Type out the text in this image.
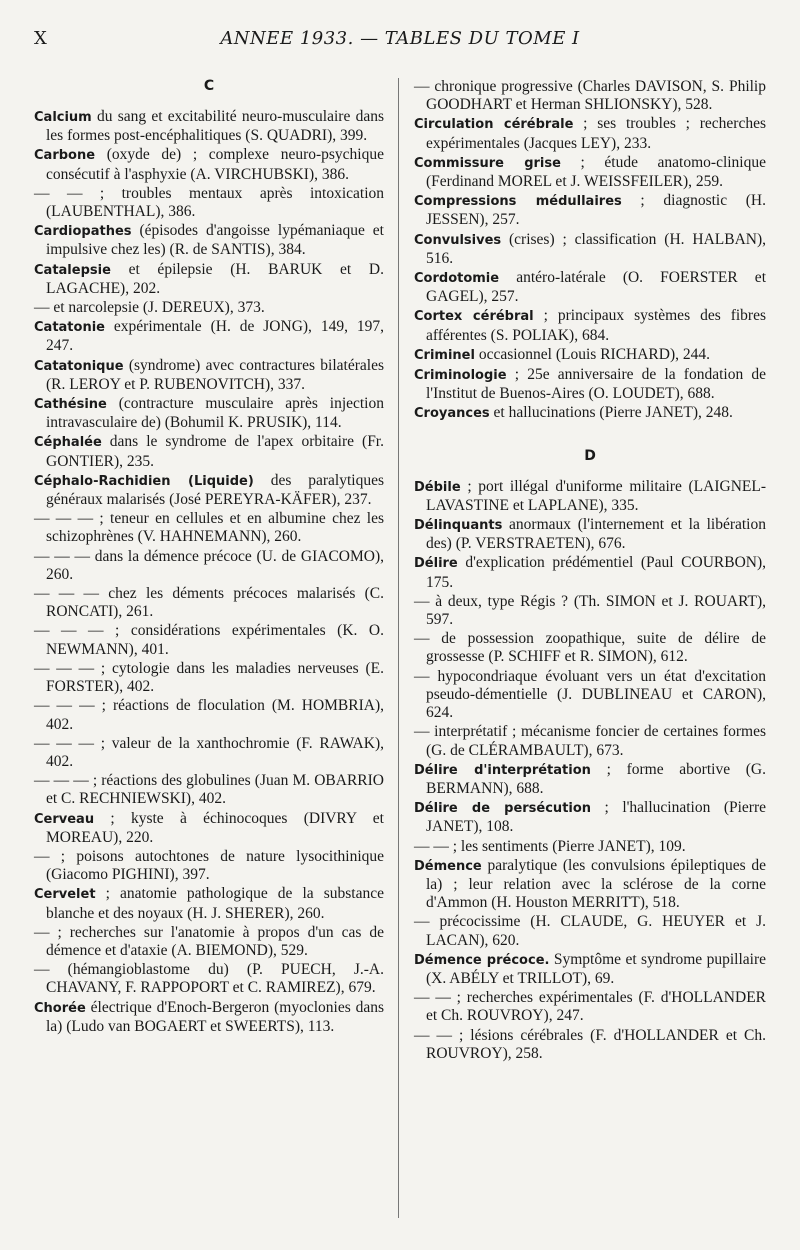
X	ANNEE 1933. — TABLES DU TOME I
C

Calcium du sang et excitabilité neuro-musculaire dans les formes post-encéphalitiques (S. QUADRI), 399.

Carbone (oxyde de) ; complexe neuro-psychique consécutif à l'asphyxie (A. VIRCHUBSKI), 386.

— — ; troubles mentaux après intoxication (LAUBENTHAL), 386.

Cardiopathes (épisodes d'angoisse lypémaniaque et impulsive chez les) (R. de SANTIS), 384.

Catalepsie et épilepsie (H. BARUK et D. LAGACHE), 202.

— et narcolepsie (J. DEREUX), 373.

Catatonie expérimentale (H. de JONG), 149, 197, 247.

Catatonique (syndrome) avec contractures bilatérales (R. LEROY et P. RUBENOVITCH), 337.

Cathésine (contracture musculaire après injection intravasculaire de) (Bohumil K. PRUSIK), 114.

Céphalée dans le syndrome de l'apex orbitaire (Fr. GONTIER), 235.

Céphalo-Rachidien (Liquide) des paralytiques généraux malarisés (José PEREYRA-KÄFER), 237.

— — — ; teneur en cellules et en albumine chez les schizophrènes (V. HAHNEMANN), 260.

— — — dans la démence précoce (U. de GIACOMO), 260.

— — — chez les déments précoces malarisés (C. RONCATI), 261.

— — — ; considérations expérimentales (K. O. NEWMANN), 401.

— — — ; cytologie dans les maladies nerveuses (E. FORSTER), 402.

— — — ; réactions de floculation (M. HOMBRIA), 402.

— — — ; valeur de la xanthochromie (F. RAWAK), 402.

— — — ; réactions des globulines (Juan M. OBARRIO et C. RECHNIEWSKI), 402.

Cerveau ; kyste à échinocoques (DIVRY et MOREAU), 220.

— ; poisons autochtones de nature lysocithinique (Giacomo PIGHINI), 397.

Cervelet ; anatomie pathologique de la substance blanche et des noyaux (H. J. SHERER), 260.

— ; recherches sur l'anatomie à propos d'un cas de démence et d'ataxie (A. BIEMOND), 529.

— (hémangioblastome du) (P. PUECH, J.-A. CHAVANY, F. RAPPOPORT et C. RAMIREZ), 679.

Chorée électrique d'Enoch-Bergeron (myoclonies dans la) (Ludo van BOGAERT et SWEERTS), 113.

— chronique progressive (Charles DAVISON, S. Philip GOODHART et Herman SHLIONSKY), 528.

Circulation cérébrale ; ses troubles ; recherches expérimentales (Jacques LEY), 233.

Commissure grise ; étude anatomo-clinique (Ferdinand MOREL et J. WEISSFEILER), 259.

Compressions médullaires ; diagnostic (H. JESSEN), 257.

Convulsives (crises) ; classification (H. HALBAN), 516.

Cordotomie antéro-latérale (O. FOERSTER et GAGEL), 257.

Cortex cérébral ; principaux systèmes des fibres afférentes (S. POLIAK), 684.

Criminel occasionnel (Louis RICHARD), 244.

Criminologie ; 25e anniversaire de la fondation de l'Institut de Buenos-Aires (O. LOUDET), 688.

Croyances et hallucinations (Pierre JANET), 248.

D

Débile ; port illégal d'uniforme militaire (LAIGNEL-LAVASTINE et LAPLANE), 335.

Délinquants anormaux (l'internement et la libération des) (P. VERSTRAETEN), 676.

Délire d'explication prédémentiel (Paul COURBON), 175.

— à deux, type Régis ? (Th. SIMON et J. ROUART), 597.

— de possession zoopathique, suite de délire de grossesse (P. SCHIFF et R. SIMON), 612.

— hypocondriaque évoluant vers un état d'excitation pseudo-démentielle (J. DUBLINEAU et CARON), 624.

— interprétatif ; mécanisme foncier de certaines formes (G. de CLÉRAMBAULT), 673.

Délire d'interprétation ; forme abortive (G. BERMANN), 688.

Délire de persécution ; l'hallucination (Pierre JANET), 108.

— — ; les sentiments (Pierre JANET), 109.

Démence paralytique (les convulsions épileptiques de la) ; leur relation avec la sclérose de la corne d'Ammon (H. Houston MERRITT), 518.

— précocissime (H. CLAUDE, G. HEUYER et J. LACAN), 620.

Démence précoce. Symptôme et syndrome pupillaire (X. ABÉLY et TRILLOT), 69.

— — ; recherches expérimentales (F. d'HOLLANDER et Ch. ROUVROY), 247.

— — ; lésions cérébrales (F. d'HOLLANDER et Ch. ROUVROY), 258.
